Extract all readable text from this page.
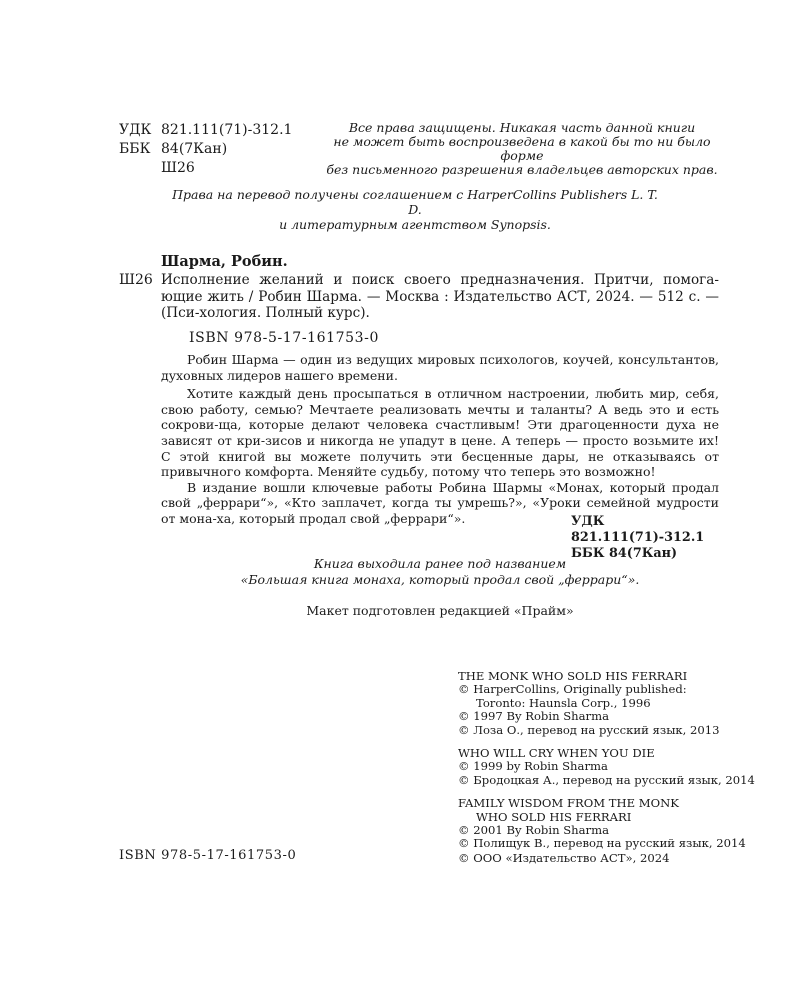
УДК 821.111(71)-312.1
ББК 84(7Кан)
Ш26
Все права защищены. Никакая часть данной книги
не может быть воспроизведена в какой бы то ни было форме
без письменного разрешения владельцев авторских прав.
Права на перевод получены соглашением с HarperCollins Publishers L. T. D.
и литературным агентством Synopsis.
Шарма, Робин.
Ш26 Исполнение желаний и поиск своего предназначения. Притчи, помога-ющие жить / Робин Шарма. — Москва : Издательство АСТ, 2024. — 512 с. — (Пси-хология. Полный курс).
ISBN 978-5-17-161753-0

Робин Шарма — один из ведущих мировых психологов, коучей, консультантов, духовных лидеров нашего времени.

Хотите каждый день просыпаться в отличном настроении, любить мир, себя, свою работу, семью? Мечтаете реализовать мечты и таланты? А ведь это и есть сокрови-ща, которые делают человека счастливым! Эти драгоценности духа не зависят от кри-зисов и никогда не упадут в цене. А теперь — просто возьмите их! С этой книгой вы можете получить эти бесценные дары, не отказываясь от привычного комфорта. Меняйте судьбу, потому что теперь это возможно!

В издание вошли ключевые работы Робина Шармы «Монах, который продал свой „феррари“», «Кто заплачет, когда ты умрешь?», «Уроки семейной мудрости от мона-ха, который продал свой „феррари“».	УДК 821.111(71)-312.1
ББК 84(7Кан)
Книга выходила ранее под названием
«Большая книга монаха, который продал свой „феррари“».
Макет подготовлен редакцией «Прайм»
THE MONK WHO SOLD HIS FERRARI
© HarperCollins, Originally published:
Toronto: Haunsla Corp., 1996
© 1997 By Robin Sharma
© Лоза О., перевод на русский язык, 2013
WHO WILL CRY WHEN YOU DIE
© 1999 by Robin Sharma
© Бродоцкая А., перевод на русский язык, 2014
FAMILY WISDOM FROM THE MONK
WHO SOLD HIS FERRARI
© 2001 By Robin Sharma
© Полищук В., перевод на русский язык, 2014
ISBN 978-5-17-161753-0	© ООО «Издательство АСТ», 2024
